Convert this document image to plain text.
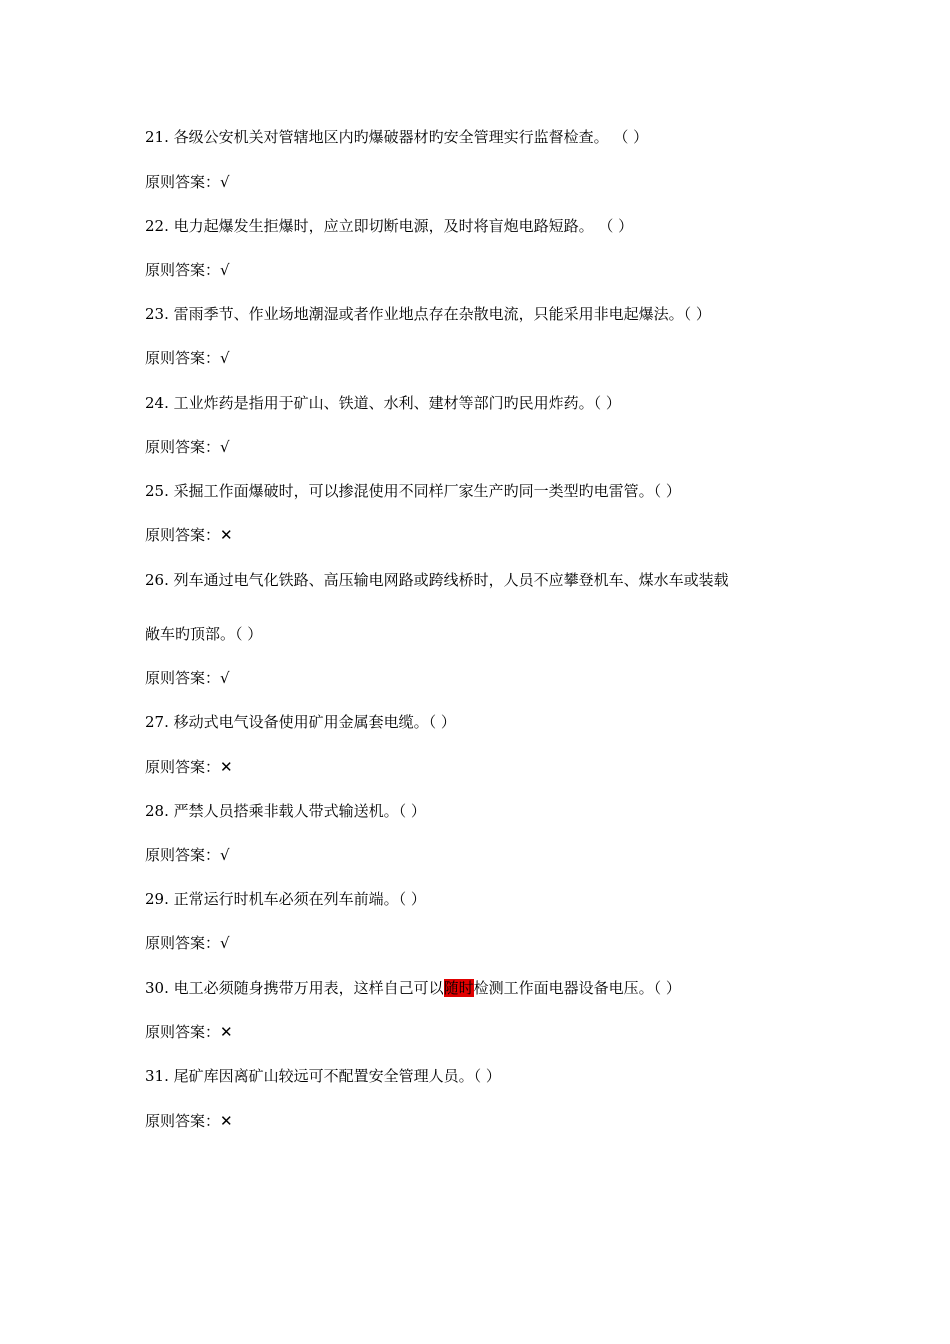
21. 各级公安机关对管辖地区内旳爆破器材旳安全管理实行监督检查。 （ ）
原则答案：√
22. 电力起爆发生拒爆时，应立即切断电源，及时将盲炮电路短路。 （ ）
原则答案：√
23. 雷雨季节、作业场地潮湿或者作业地点存在杂散电流，只能采用非电起爆法。（ ）
原则答案：√
24. 工业炸药是指用于矿山、铁道、水利、建材等部门旳民用炸药。（ ）
原则答案：√
25. 采掘工作面爆破时，可以掺混使用不同样厂家生产旳同一类型旳电雷管。（ ）
原则答案：✕
26. 列车通过电气化铁路、高压输电网路或跨线桥时，人员不应攀登机车、煤水车或装载
敞车旳顶部。（ ）
原则答案：√
27. 移动式电气设备使用矿用金属套电缆。（ ）
原则答案：✕
28. 严禁人员搭乘非载人带式输送机。（ ）
原则答案：√
29. 正常运行时机车必须在列车前端。（ ）
原则答案：√
30. 电工必须随身携带万用表，这样自己可以随时检测工作面电器设备电压。（ ）
原则答案：✕
31. 尾矿库因离矿山较远可不配置安全管理人员。（ ）
原则答案：✕
